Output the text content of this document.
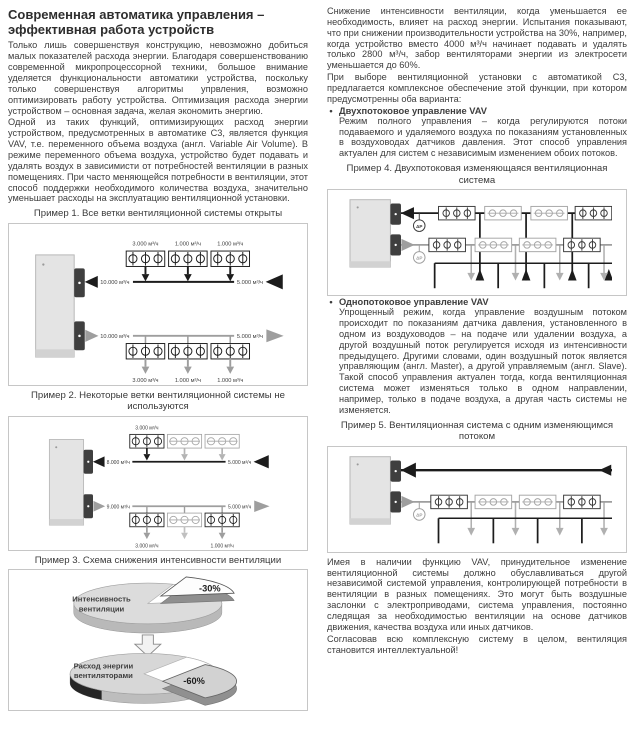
Современная автоматика управления – эффективная работа устройств

Только лишь совершенствуя конструкцию, невозможно добиться малых показателей расхода энергии. Благодаря совершенствованию современной микропроцессорной техники, большое внимание уделяется функциональности автоматики устройства, поскольку только совершенствуя алгоритмы упрвления, возможно оптимизировать работу устройства. Оптимизация расхода энергии устройством – основная задача, желая экономить энергию.

Одной из таких функций, оптимизирующих расход энергии устройством, предусмотренных в автоматике С3, является функция VAV, т.е. переменного объема воздуха (англ. Variable Air Volume). В режиме переменного объема воздуха, устройство будет подавать и удалять воздух в зависимисти от потребностей вентиляции в разных помещениях. При часто меняющейся потребности в вентиляции, этот способ поддержки необходимого количества воздуха, значительно уменьшает расходы на эксплуатацию вентиляционной установки.

Пример 1. Все ветки вентиляционной системы открыты
10.000 м³/ч	5.000 м³/ч
3.000 м³/ч	1.000 м³/ч	1.000 м³/ч
10.000 м³/ч	5.000 м³/ч
3.000 м³/ч	1.000 м³/ч	1.000 м³/ч
Пример 2. Некоторые ветки вентиляционной системы не используются
8.000 м³/ч	5.000 м³/ч
3.000 м³/ч
9.000 м³/ч	5.000 м³/ч
3.000 м³/ч	1.000 м³/ч
Пример 3. Схема снижения интенсивности вентиляции
Интенсивность
вентиляции
-30%
Расход энергии
вентиляторами
-60%

Снижение интенсивности вентиляции, когда уменьшается ее необходимость, влияет на расход энергии. Испытания показывают, что при снижении производительности устройства на 30%, например, когда устройство вместо 4000 м³/ч начинает подавать и удалять только 2800 м³/ч, забор вентиляторами энергии из электросети уменьшается до 60%.

При выборе вентиляционной установки с автоматикой С3, предлагается комплексное обеспечение этой функции, при котором предусмотренны оба варианта:

• Двухпотоковое управление VAV

Режим полного управления – когда регулируются потоки подаваемого и удаляемого воздуха по показаниям установленных в воздуховодах датчиков давления. Этот способ управления актуален для систем с независимым изменением обоих потоков.

Пример 4. Двухпотоковая изменяющаяся вентиляционная система
ΔP
ΔP
• Однопотоковое управление VAV

Упрощенный режим, когда управление воздушным потоком происходит по показаниям датчика давления, установленного в одном из воздуховодов – на подаче или удалении воздуха, а другой воздушный поток регулируется исходя из интенсивности предыдущего. Другими словами, один воздушный поток является управляющим (англ. Master), а другой управляемым (англ. Slave). Такой способ управления актуален тогда, когда вентиляционная система может изменяться только в одном направлении, например, только в подаче воздуха, а другая часть системы не изменяется.

Пример 5. Вентиляционная система с одним изменяющимся потоком
ΔP

Имея в наличии функцию VAV, принудительное изменение вентиляционной системы должно обуславливаться другой независимой системой управления, контролирующей потребности в вентиляции в разных помещениях. Это могут быть воздушные заслонки с электроприводами, система управления, постоянно следящая за необходимостью вентиляции на основе датчиков движения, качества воздуха или иных датчиков.

Согласовав всю комплексную систему в целом, вентиляция становится интеллектуальной!
